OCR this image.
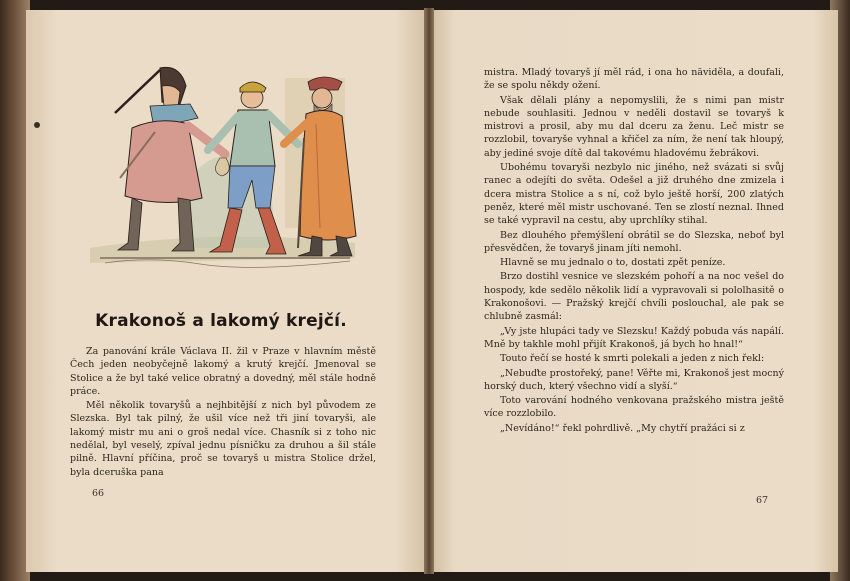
Krakonoš a lakomý krejčí.

Za panování krále Václava II. žil v Praze v hlavním městě Čech jeden neobyčejně lakomý a krutý krejčí. Jmenoval se Stolice a že byl také velice obratný a dovedný, měl stále hodně práce.

Měl několik tovaryšů a nejhbitější z nich byl původem ze Slezska. Byl tak pilný, že ušil více než tři jiní tovaryši, ale lakomý mistr mu ani o groš nedal více. Chasník si z toho nic nedělal, byl veselý, zpíval jednu písničku za druhou a šil stále pilně. Hlavní příčina, proč se tovaryš u mistra Stolice držel, byla dceruška pana

66

mistra. Mladý tovaryš jí měl rád, i ona ho nāviděla, a doufali, že se spolu někdy ožení.

Však dělali plány a nepomyslili, že s nimi pan mistr nebude souhlasiti. Jednou v neděli dostavil se tovaryš k mistrovi a prosil, aby mu dal dceru za ženu. Leč mistr se rozzlobil, tovaryše vyhnal a křičel za ním, že není tak hloupý, aby jediné svoje dítě dal takovému hladovému žebrákovi.

Ubohému tovaryši nezbylo nic jiného, než svázati si svůj ranec a odejíti do světa. Odešel a již druhého dne zmizela i dcera mistra Stolice a s ní, což bylo ještě horší, 200 zlatých peněz, které měl mistr uschované. Ten se zlostí neznal. Ihned se také vypravil na cestu, aby uprchlíky stihal.

Bez dlouhého přemýšlení obrátil se do Slezska, neboť byl přesvědčen, že tovaryš jinam jíti nemohl.

Hlavně se mu jednalo o to, dostati zpět peníze.

Brzo dostihl vesnice ve slezském pohoří a na noc vešel do hospody, kde sedělo několik lidí a vypravovali si pololhasitě o Krakonošovi. — Pražský krejčí chvíli poslouchal, ale pak se chlubně zasmál:

„Vy jste hlupáci tady ve Slezsku! Každý pobuda vás napálí. Mně by takhle mohl přijít Krakonoš, já bych ho hnal!“

Touto řečí se hosté k smrti polekali a jeden z nich řekl:

„Nebuďte prostořeký, pane! Věřte mi, Krakonoš jest mocný horský duch, který všechno vidí a slyší.“

Toto varování hodného venkovana pražského mistra ještě více rozzlobilo.

„Nevídáno!“ řekl pohrdlivě. „My chytří pražáci si z

67
